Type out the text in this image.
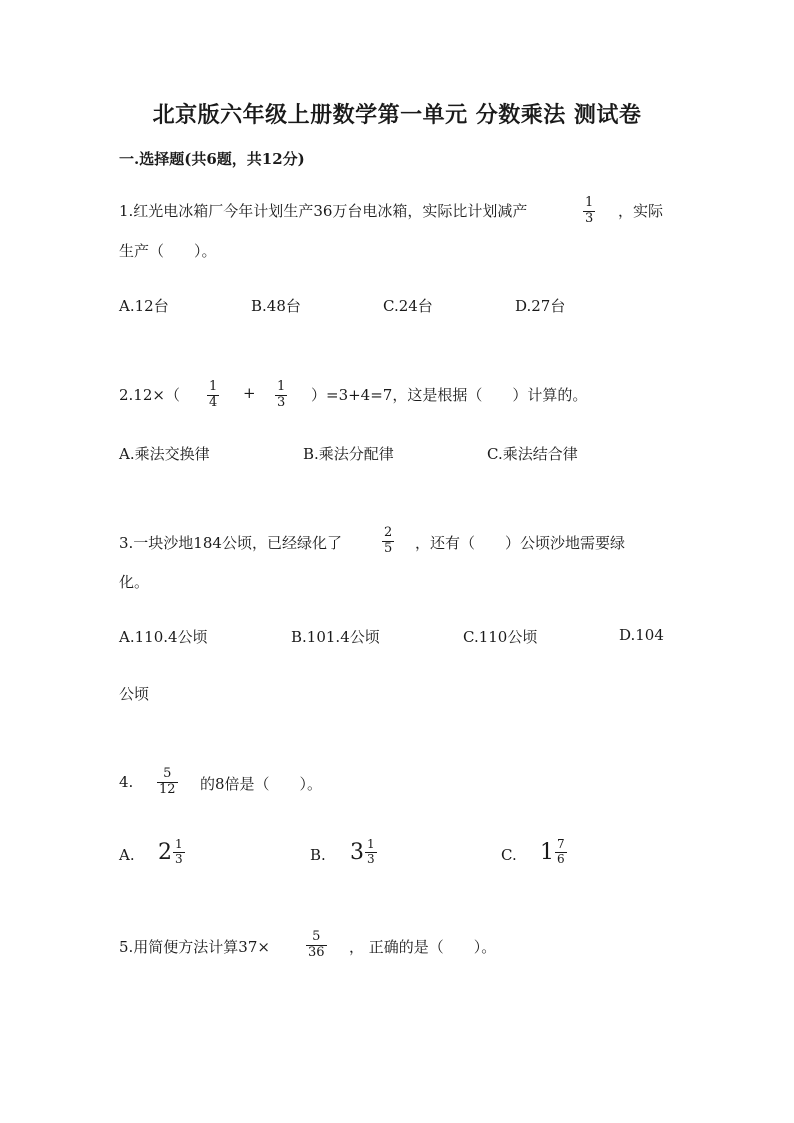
北京版六年级上册数学第一单元 分数乘法 测试卷
一.选择题(共6题，共12分)
1.红光电冰箱厂今年计划生产36万台电冰箱，实际比计划减产	$\frac{1}{3}$ ，实际
生产（　　）。
A.12台	B.48台	C.24台	D.27台
$2.12\times( \frac{1}{4} + \frac{1}{3} )=3+4=7$，这是根据（　　）计算的。
A.乘法交换律	B.乘法分配律	C.乘法结合律
3.一块沙地184公顷，已经绿化了	$\frac{2}{5}$ ，还有（　　）公顷沙地需要绿
化。
A.110.4公顷	B.101.4公顷	C.110公顷	D.104
公顷
4. $\frac{5}{12}$ 的8倍是（　　）。
A. $2 \frac{1}{3}$	B. $3 \frac{1}{3}$	C. $1 \frac{7}{6}$
5.用简便方法计算37×	$\frac{5}{36}$ ， 正确的是（　　）。
